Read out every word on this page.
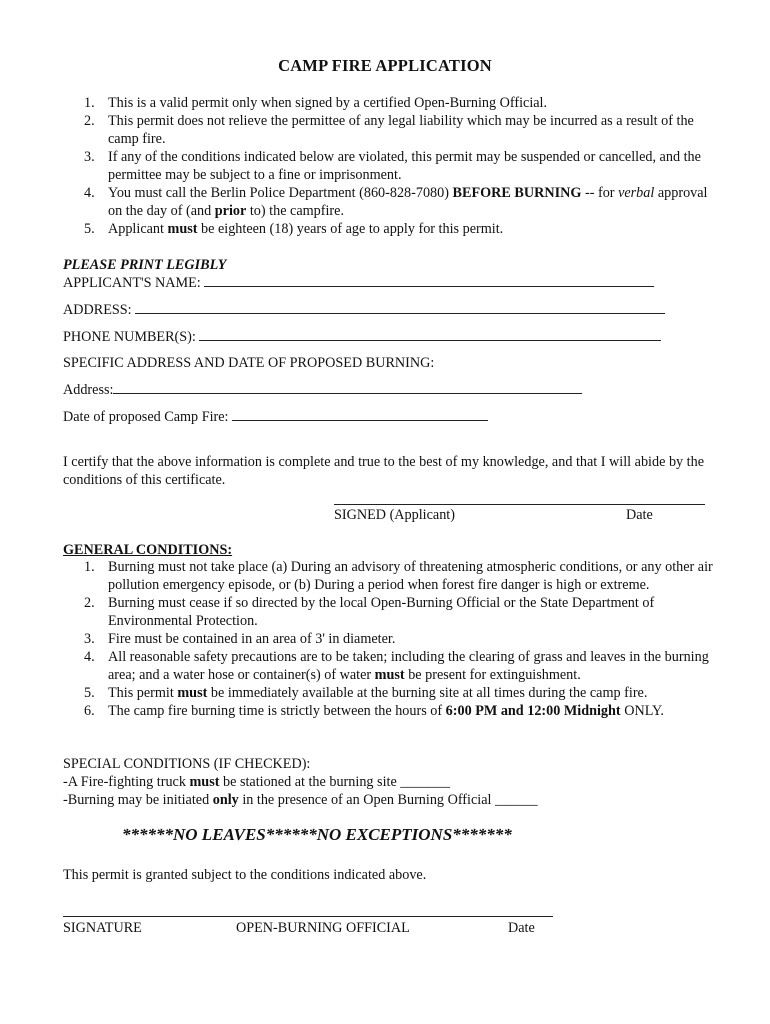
CAMP FIRE APPLICATION
1. This is a valid permit only when signed by a certified Open-Burning Official.
2. This permit does not relieve the permittee of any legal liability which may be incurred as a result of the camp fire.
3. If any of the conditions indicated below are violated, this permit may be suspended or cancelled, and the permittee may be subject to a fine or imprisonment.
4. You must call the Berlin Police Department (860-828-7080) BEFORE BURNING -- for verbal approval on the day of (and prior to) the campfire.
5. Applicant must be eighteen (18) years of age to apply for this permit.
PLEASE PRINT LEGIBLY
APPLICANT'S NAME:
ADDRESS:
PHONE NUMBER(S):
SPECIFIC ADDRESS AND DATE OF PROPOSED BURNING:
Address:
Date of proposed Camp Fire:
I certify that the above information is complete and true to the best of my knowledge, and that I will abide by the conditions of this certificate.
SIGNED (Applicant)	Date
GENERAL CONDITIONS:
1. Burning must not take place (a) During an advisory of threatening atmospheric conditions, or any other air pollution emergency episode, or (b) During a period when forest fire danger is high or extreme.
2. Burning must cease if so directed by the local Open-Burning Official or the State Department of Environmental Protection.
3. Fire must be contained in an area of 3' in diameter.
4. All reasonable safety precautions are to be taken; including the clearing of grass and leaves in the burning area; and a water hose or container(s) of water must be present for extinguishment.
5. This permit must be immediately available at the burning site at all times during the camp fire.
6. The camp fire burning time is strictly between the hours of 6:00 PM and 12:00 Midnight ONLY.
SPECIAL CONDITIONS (IF CHECKED):
-A Fire-fighting truck must be stationed at the burning site _______
-Burning may be initiated only in the presence of an Open Burning Official ______
******NO LEAVES******NO EXCEPTIONS*******
This permit is granted subject to the conditions indicated above.
SIGNATURE	OPEN-BURNING OFFICIAL	Date
